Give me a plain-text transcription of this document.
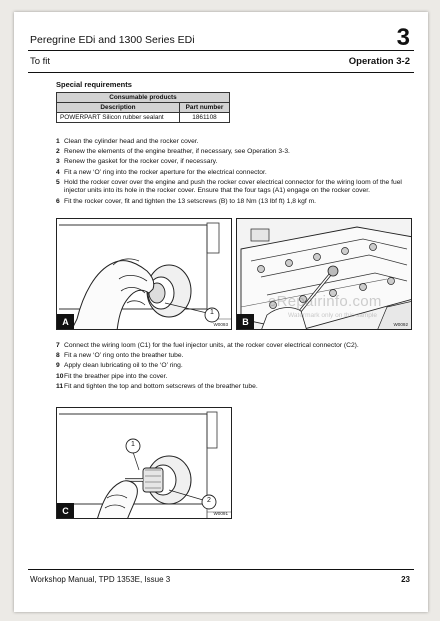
Peregrine EDi and 1300 Series EDi	3
To fit	Operation 3-2
Special requirements
Consumable products	
Description	Part number
POWERPART Silicon rubber sealant	1861108
1 Clean the cylinder head and the rocker cover.
2 Renew the elements of the engine breather, if necessary, see Operation 3-3.
3 Renew the gasket for the rocker cover, if necessary.
4 Fit a new ‘O’ ring into the rocker aperture for the electrical connector.
5 Hold the rocker cover over the engine and push the rocker cover electrical connector for the wiring loom of the fuel injector units into its hole in the rocker cover. Ensure that the four tags (A1) engage on the rocker cover.
6 Fit the rocker cover, fit and tighten the 13 setscrews (B) to 18 Nm (13 lbf ft) 1,8 kgf m.
1
A	W0093	B	W0092
7 Connect the wiring loom (C1) for the fuel injector units, at the rocker cover electrical connector (C2).
8 Fit a new ‘O’ ring onto the breather tube.
9 Apply clean lubricating oil to the ‘O’ ring.
10 Fit the breather pipe into the cover.
11 Fit and tighten the top and bottom setscrews of the breather tube.
1
2
C	W0091
eRepairinfo.com
Watermark only on this sample
Workshop Manual, TPD 1353E, Issue 3	23
